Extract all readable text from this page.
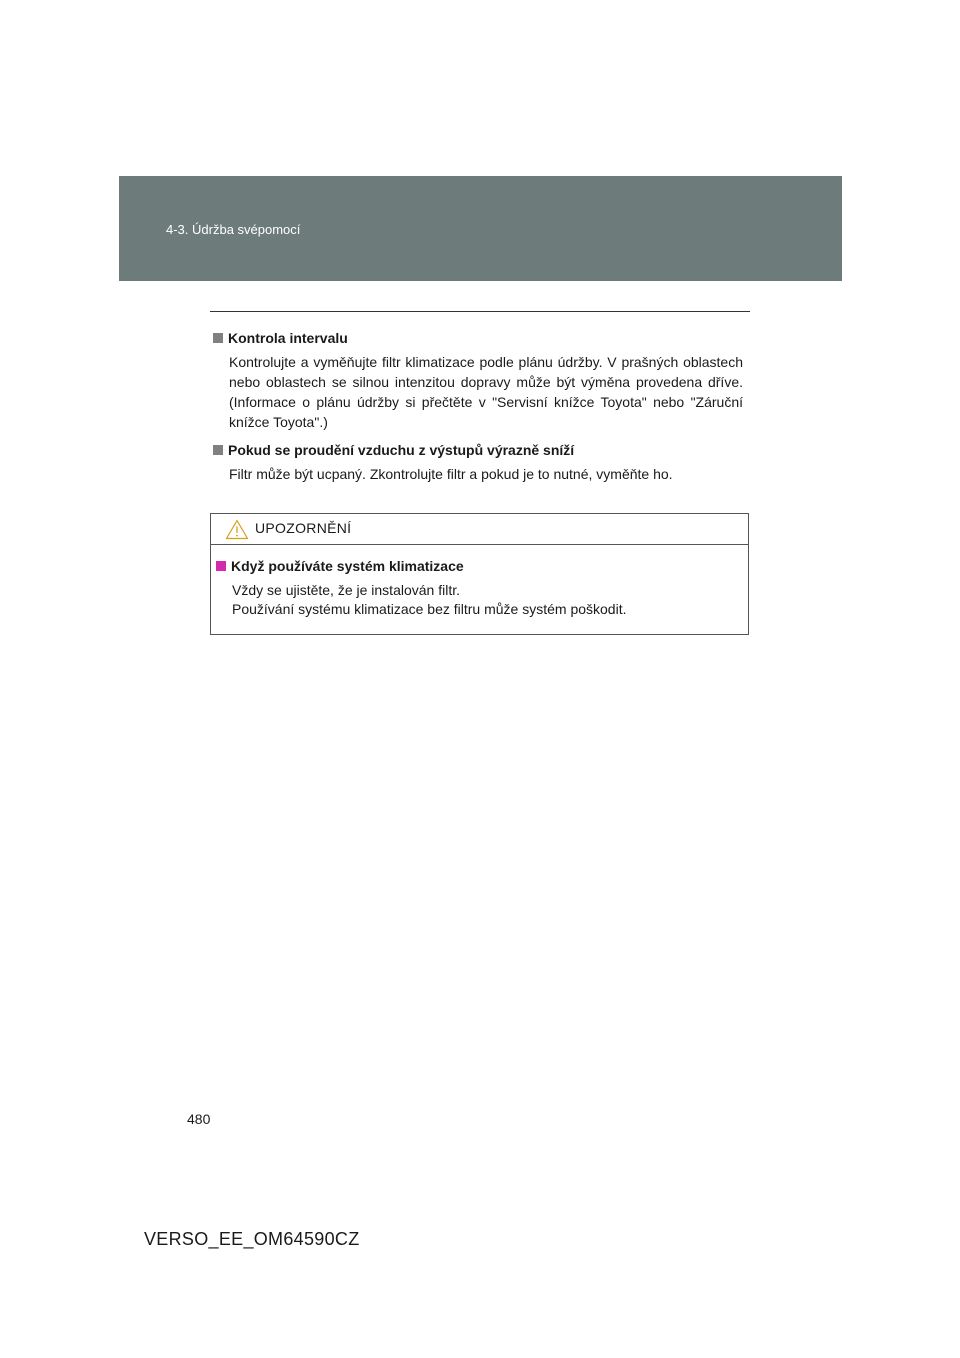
4-3. Údržba svépomocí

Kontrola intervalu

Kontrolujte a vyměňujte filtr klimatizace podle plánu údržby. V prašných oblastech nebo oblastech se silnou intenzitou dopravy může být výměna provedena dříve. (Informace o plánu údržby si přečtěte v "Servisní knížce Toyota" nebo "Záruční knížce Toyota".)

Pokud se proudění vzduchu z výstupů výrazně sníží

Filtr může být ucpaný. Zkontrolujte filtr a pokud je to nutné, vyměňte ho.

UPOZORNĚNÍ

Když používáte systém klimatizace

Vždy se ujistěte, že je instalován filtr.
Používání systému klimatizace bez filtru může systém poškodit.
480
VERSO_EE_OM64590CZ
